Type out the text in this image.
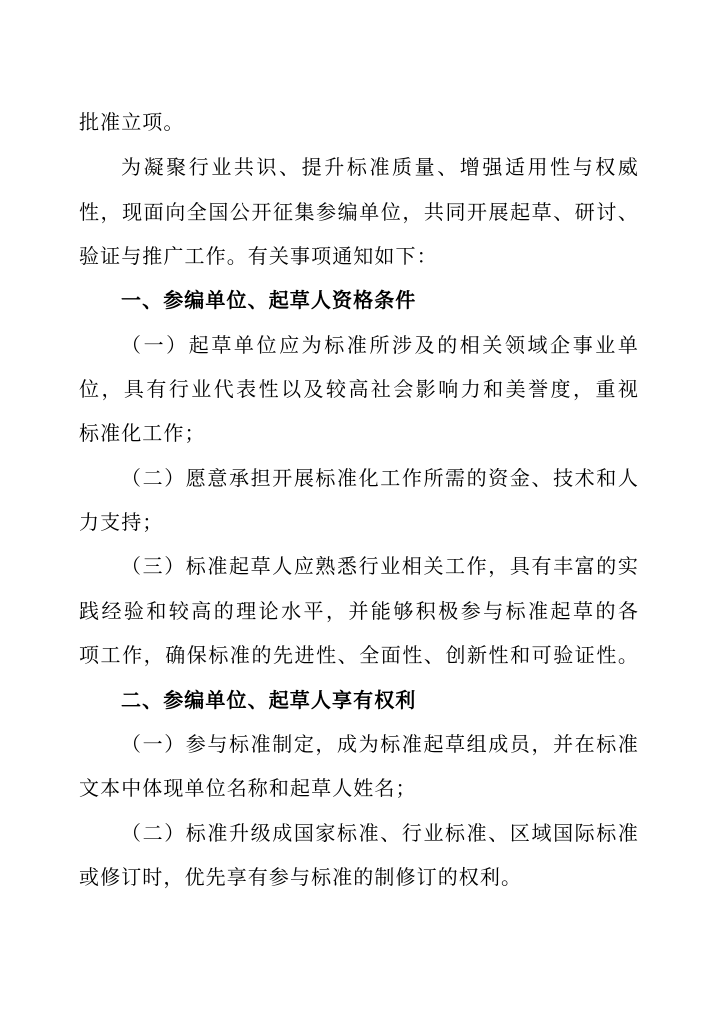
批准立项。
为凝聚行业共识、提升标准质量、增强适用性与权威
性，现面向全国公开征集参编单位，共同开展起草、研讨、
验证与推广工作。有关事项通知如下：
一、参编单位、起草人资格条件
（一）起草单位应为标准所涉及的相关领域企事业单
位，具有行业代表性以及较高社会影响力和美誉度，重视
标准化工作；
（二）愿意承担开展标准化工作所需的资金、技术和人
力支持；
（三）标准起草人应熟悉行业相关工作，具有丰富的实
践经验和较高的理论水平，并能够积极参与标准起草的各
项工作，确保标准的先进性、全面性、创新性和可验证性。
二、参编单位、起草人享有权利
（一）参与标准制定，成为标准起草组成员，并在标准
文本中体现单位名称和起草人姓名；
（二）标准升级成国家标准、行业标准、区域国际标准
或修订时，优先享有参与标准的制修订的权利。
